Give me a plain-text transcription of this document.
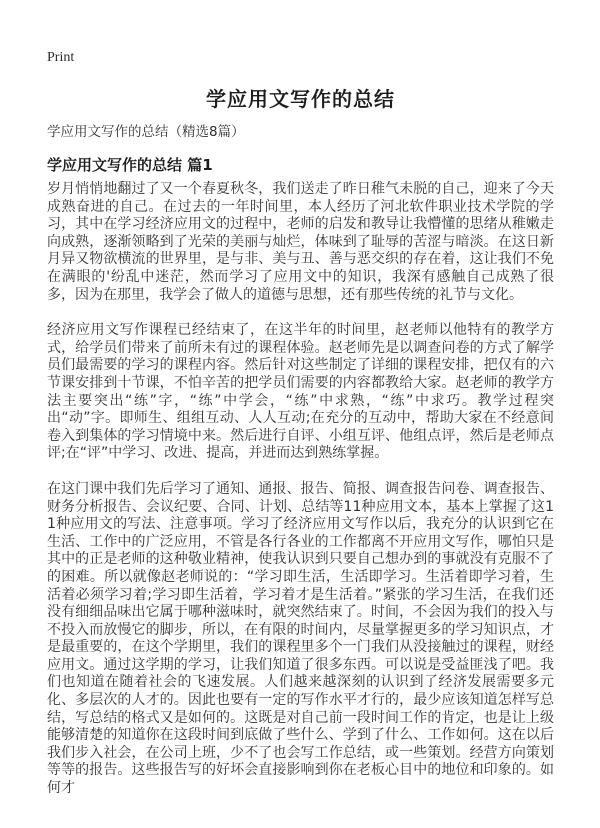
Print
学应用文写作的总结

学应用文写作的总结（精选8篇）

学应用文写作的总结 篇1

岁月悄悄地翻过了又一个春夏秋冬，我们送走了昨日稚气未脱的自己，迎来了今天成熟奋进的自己。在过去的一年时间里，本人经历了河北软件职业技术学院的学习，其中在学习经济应用文的过程中，老师的启发和教导让我懵懂的思绪从稚嫩走向成熟，逐渐领略到了光荣的美丽与灿烂，体味到了耻辱的苦涩与暗淡。在这日新月异又物欲横流的世界里，是与非、美与丑、善与恶交织的存在着，这让我们不免在满眼的'纷乱中迷茫，然而学习了应用文中的知识，我深有感触自己成熟了很多，因为在那里，我学会了做人的道德与思想，还有那些传统的礼节与文化。

经济应用文写作课程已经结束了，在这半年的时间里，赵老师以他特有的教学方式，给学员们带来了前所未有过的课程体验。赵老师先是以调查问卷的方式了解学员们最需要的学习的课程内容。然后针对这些制定了详细的课程安排，把仅有的六节课安排到十节课，不怕辛苦的把学员们需要的内容都教给大家。赵老师的教学方法主要突出“练”字，“练”中学会，“练”中求熟，“练”中求巧。教学过程突出“动”字。即师生、组组互动、人人互动;在充分的互动中，帮助大家在不经意间卷入到集体的学习情境中来。然后进行自评、小组互评、他组点评，然后是老师点评;在“评”中学习、改进、提高，并进而达到熟练掌握。

在这门课中我们先后学习了通知、通报、报告、简报、调查报告问卷、调查报告、财务分析报告、会议纪要、合同、计划、总结等11种应用文本，基本上掌握了这11种应用文的写法、注意事项。学习了经济应用文写作以后，我充分的认识到它在生活、工作中的广泛应用，不管是各行各业的工作都离不开应用文写作，哪怕只是其中的正是老师的这种敬业精神，使我认识到只要自己想办到的事就没有克服不了的困难。所以就像赵老师说的：“学习即生活，生活即学习。生活着即学习着，生活着必须学习着;学习即生活着，学习着才是生活着。”紧张的学习生活，在我们还没有细细品味出它属于哪种滋味时，就突然结束了。时间，不会因为我们的投入与不投入而放慢它的脚步，所以，在有限的时间内，尽量掌握更多的学习知识点，才是最重要的，在这个学期里，我们的课程里多个一门我们从没接触过的课程，财经应用文。通过这学期的学习，让我们知道了很多东西。可以说是受益匪浅了吧。我们也知道在随着社会的飞速发展。人们越来越深刻的认识到了经济发展需要多元化、多层次的人才的。因此也要有一定的写作水平才行的，最少应该知道怎样写总结，写总结的格式又是如何的。这既是对自己前一段时间工作的肯定，也是让上级能够清楚的知道你在这段时间到底做了些什么、学到了什么、工作如何。这在以后我们步入社会，在公司上班，少不了也会写工作总结，或一些策划。经营方向策划等等的报告。这些报告写的好坏会直接影响到你在老板心目中的地位和印象的。如何才
